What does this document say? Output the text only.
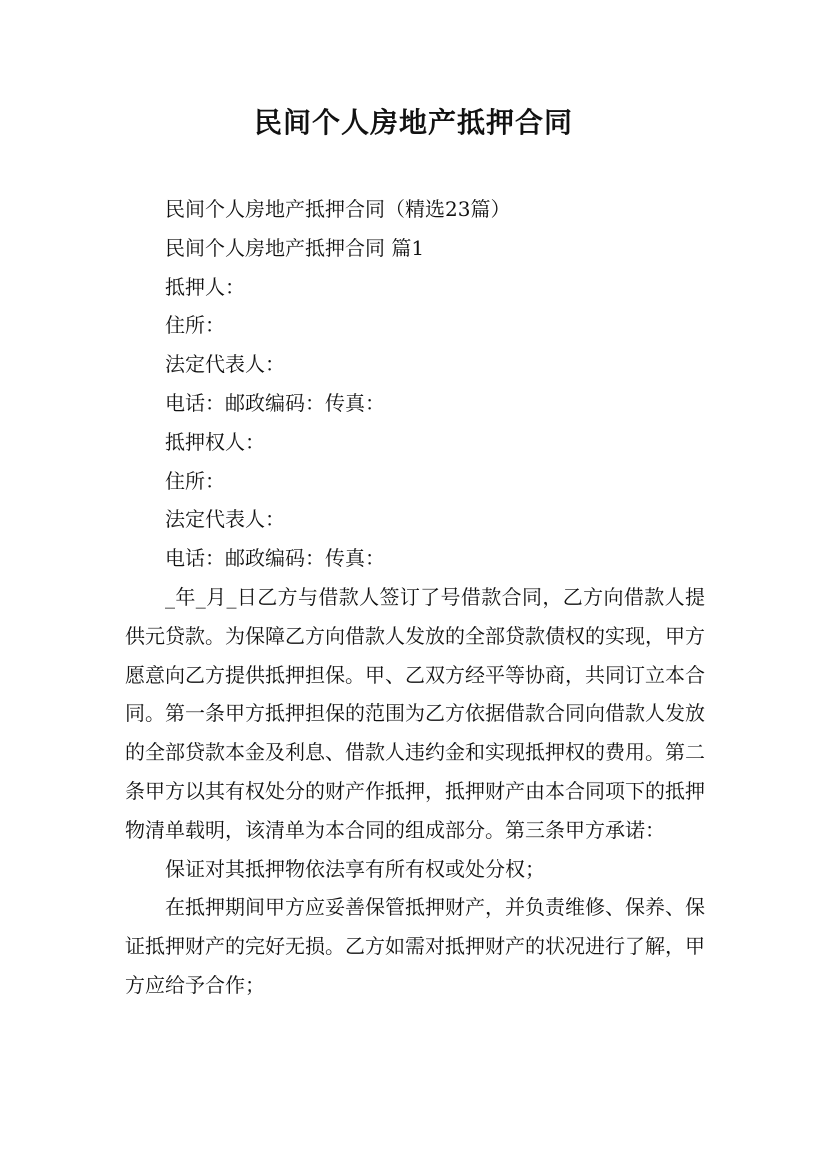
民间个人房地产抵押合同

民间个人房地产抵押合同（精选23篇）

民间个人房地产抵押合同 篇1

抵押人：

住所：

法定代表人：

电话：邮政编码：传真：

抵押权人：

住所：

法定代表人：

电话：邮政编码：传真：

_年_月_日乙方与借款人签订了号借款合同，乙方向借款人提供元贷款。为保障乙方向借款人发放的全部贷款债权的实现，甲方愿意向乙方提供抵押担保。甲、乙双方经平等协商，共同订立本合同。第一条甲方抵押担保的范围为乙方依据借款合同向借款人发放的全部贷款本金及利息、借款人违约金和实现抵押权的费用。第二条甲方以其有权处分的财产作抵押，抵押财产由本合同项下的抵押物清单载明，该清单为本合同的组成部分。第三条甲方承诺：

保证对其抵押物依法享有所有权或处分权；

在抵押期间甲方应妥善保管抵押财产，并负责维修、保养、保证抵押财产的完好无损。乙方如需对抵押财产的状况进行了解，甲方应给予合作；
